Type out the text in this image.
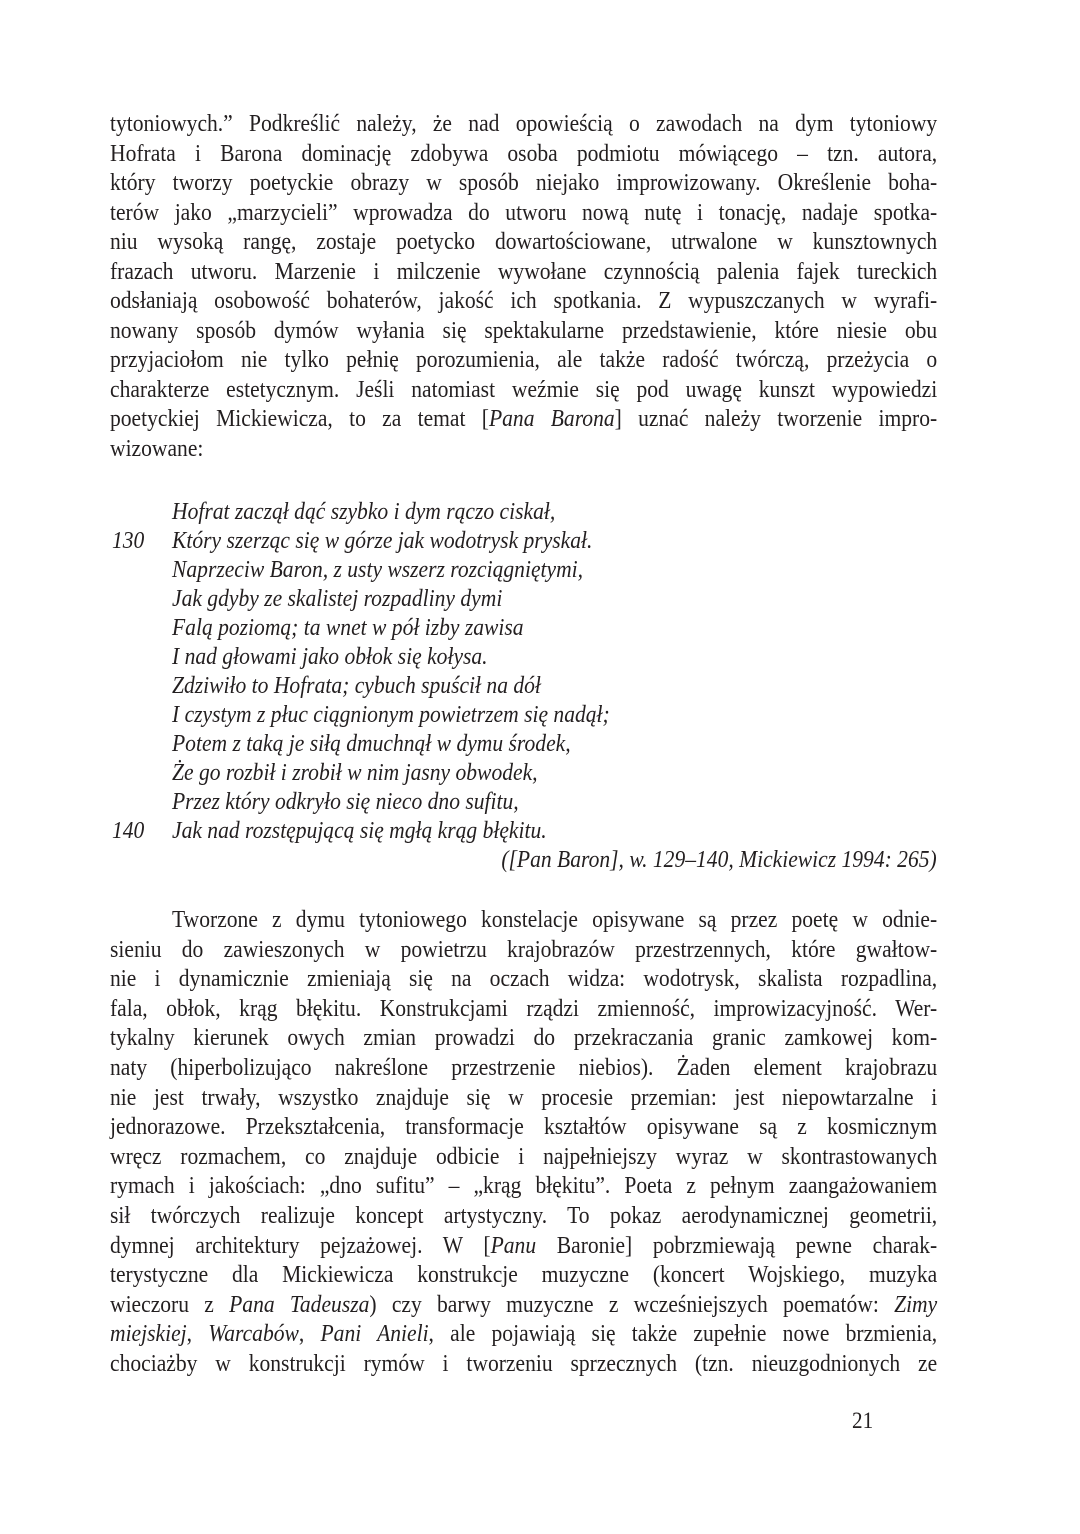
tytoniowych.” Podkreślić należy, że nad opowieścią o zawodach na dym tytoniowy
Hofrata i Barona dominację zdobywa osoba podmiotu mówiącego – tzn. autora,
który tworzy poetyckie obrazy w sposób niejako improwizowany. Określenie boha-
terów jako „marzycieli” wprowadza do utworu nową nutę i tonację, nadaje spotka-
niu wysoką rangę, zostaje poetycko dowartościowane, utrwalone w kunsztownych
frazach utworu. Marzenie i milczenie wywołane czynnością palenia fajek tureckich
odsłaniają osobowość bohaterów, jakość ich spotkania. Z wypuszczanych w wyrafi-
nowany sposób dymów wyłania się spektakularne przedstawienie, które niesie obu
przyjaciołom nie tylko pełnię porozumienia, ale także radość twórczą, przeżycia o
charakterze estetycznym. Jeśli natomiast weźmie się pod uwagę kunszt wypowiedzi
poetyckiej Mickiewicza, to za temat [Pana Barona] uznać należy tworzenie impro-
wizowane:
Hofrat zaczął dąć szybko i dym rączo ciskał,
130 Który szerząc się w górze jak wodotrysk pryskał.
Naprzeciw Baron, z usty wszerz rozciągniętymi,
Jak gdyby ze skalistej rozpadliny dymi
Falą poziomą; ta wnet w pół izby zawisa
I nad głowami jako obłok się kołysa.
Zdziwiło to Hofrata; cybuch spuścił na dół
I czystym z płuc ciągnionym powietrzem się nadął;
Potem z taką je siłą dmuchnął w dymu środek,
Że go rozbił i zrobił w nim jasny obwodek,
Przez który odkryło się nieco dno sufitu,
140 Jak nad rozstępującą się mgłą krąg błękitu.
([Pan Baron], w. 129–140, Mickiewicz 1994: 265)
Tworzone z dymu tytoniowego konstelacje opisywane są przez poetę w odnie-
sieniu do zawieszonych w powietrzu krajobrazów przestrzennych, które gwałtow-
nie i dynamicznie zmieniają się na oczach widza: wodotrysk, skalista rozpadlina,
fala, obłok, krąg błękitu. Konstrukcjami rządzi zmienność, improwizacyjność. Wer-
tykalny kierunek owych zmian prowadzi do przekraczania granic zamkowej kom-
naty (hiperbolizująco nakreślone przestrzenie niebios). Żaden element krajobrazu
nie jest trwały, wszystko znajduje się w procesie przemian: jest niepowtarzalne i
jednorazowe. Przekształcenia, transformacje kształtów opisywane są z kosmicznym
wręcz rozmachem, co znajduje odbicie i najpełniejszy wyraz w skontrastowanych
rymach i jakościach: „dno sufitu” – „krąg błękitu”. Poeta z pełnym zaangażowaniem
sił twórczych realizuje koncept artystyczny. To pokaz aerodynamicznej geometrii,
dymnej architektury pejzażowej. W [Panu Baronie] pobrzmiewają pewne charak-
terystyczne dla Mickiewicza konstrukcje muzyczne (koncert Wojskiego, muzyka
wieczoru z Pana Tadeusza) czy barwy muzyczne z wcześniejszych poematów: Zimy
miejskiej, Warcabów, Pani Anieli, ale pojawiają się także zupełnie nowe brzmienia,
chociażby w konstrukcji rymów i tworzeniu sprzecznych (tzn. nieuzgodnionych ze
21
